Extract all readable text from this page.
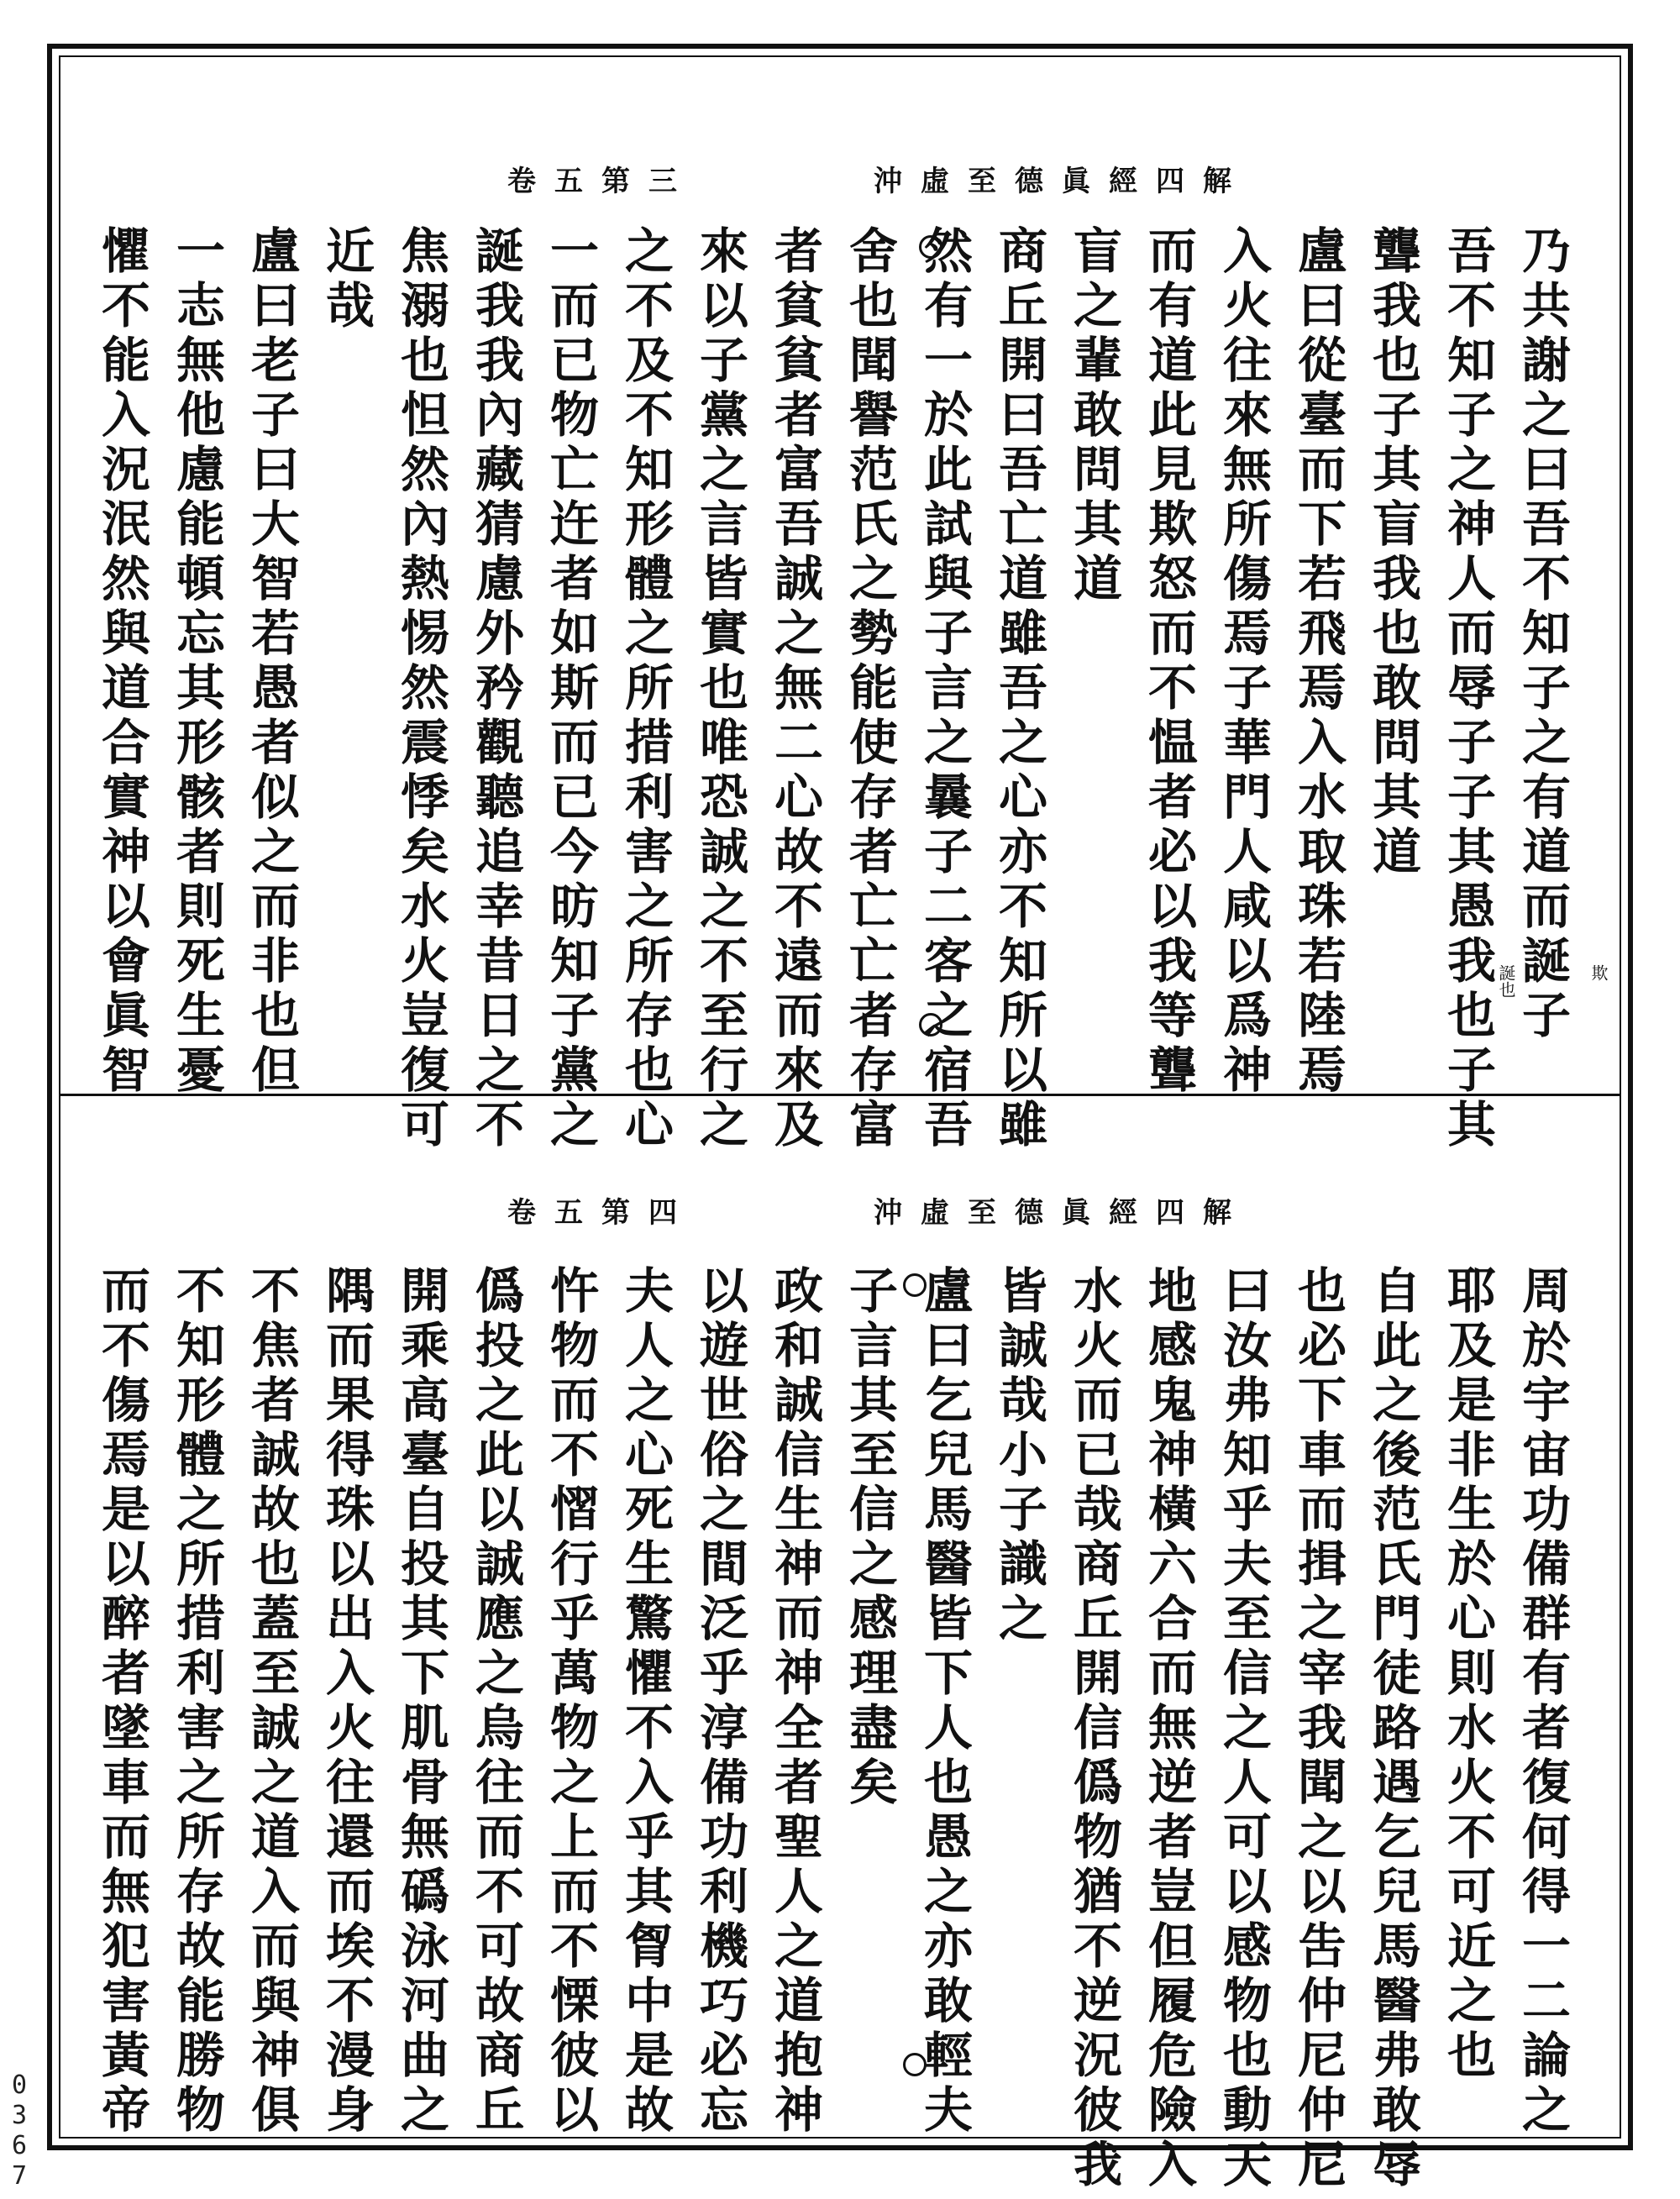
沖虛至德眞經四解
卷五第三
乃共謝之曰吾不知子之有道而誕子
吾不知子之神人而辱子子其愚我也子其
聾我也子其盲我也敢問其道
盧曰從臺而下若飛焉入水取珠若陸焉
入火往來無所傷焉子華門人咸以爲神
而有道此見欺怒而不愠者必以我等聾
盲之輩敢問其道
商丘開曰吾亡道雖吾之心亦不知所以雖
然有一於此試與子言之曩子二客之宿吾
舍也聞譽范氏之勢能使存者亡亡者存富
者貧貧者富吾誠之無二心故不遠而來及
來以子黨之言皆實也唯恐誠之不至行之
之不及不知形體之所措利害之所存也心
一而已物亡迕者如斯而已今昉知子黨之
誕我我內藏猜慮外矜觀聽追幸昔日之不
焦溺也怛然內熱惕然震悸矣水火豈復可
近哉
盧曰老子曰大智若愚者似之而非也但
一志無他慮能頓忘其形骸者則死生憂
懼不能入況泯然與道合實神以會眞智	欺
誕也
沖虛至德眞經四解
卷五第四
周於宇宙功備群有者復何得一二論之
耶及是非生於心則水火不可近之也
自此之後范氏門徒路遇乞兒馬醫弗敢辱
也必下車而揖之宰我聞之以吿仲尼仲尼
曰汝弗知乎夫至信之人可以感物也動天
地感鬼神橫六合而無逆者豈但履危險入
水火而已哉商丘開信僞物猶不逆況彼我
皆誠哉小子識之
盧曰乞兒馬醫皆下人也愚之亦敢輕夫
子言其至信之感理盡矣
政和誠信生神而神全者聖人之道抱神
以遊世俗之間泛乎淳備功利機巧必忘
夫人之心死生驚懼不入乎其胷中是故
忤物而不慴行乎萬物之上而不慄彼以
僞投之此以誠應之烏往而不可故商丘
開乘高臺自投其下肌骨無䃣泳河曲之
隅而果得珠以出入火往還而埃不漫身
不焦者誠故也蓋至誠之道入而與神俱
不知形體之所措利害之所存故能勝物
而不傷焉是以醉者墜車而無犯害黃帝
0
3
6
7
